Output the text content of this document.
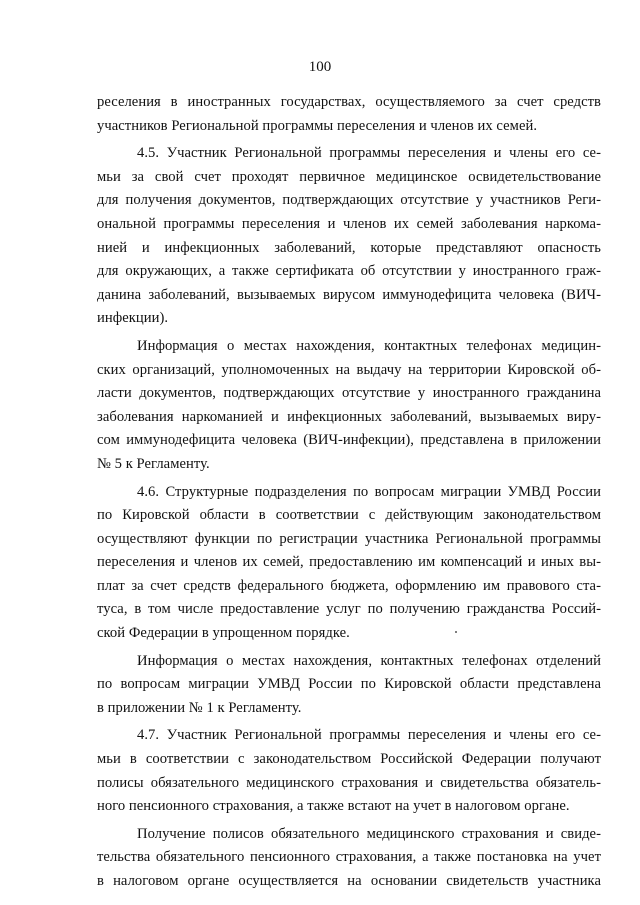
100
реселения в иностранных государствах, осуществляемого за счет средств
участников Региональной программы переселения и членов их семей.
4.5. Участник Региональной программы переселения и члены его се-
мьи за свой счет проходят первичное медицинское освидетельствование
для получения документов, подтверждающих отсутствие у участников Реги-
ональной программы переселения и членов их семей заболевания наркома-
нией и инфекционных заболеваний, которые представляют опасность
для окружающих, а также сертификата об отсутствии у иностранного граж-
данина заболеваний, вызываемых вирусом иммунодефицита человека (ВИЧ-
инфекции).
Информация о местах нахождения, контактных телефонах медицин-
ских организаций, уполномоченных на выдачу на территории Кировской об-
ласти документов, подтверждающих отсутствие у иностранного гражданина
заболевания наркоманией и инфекционных заболеваний, вызываемых виру-
сом иммунодефицита человека (ВИЧ-инфекции), представлена в приложении
№ 5 к Регламенту.
4.6. Структурные подразделения по вопросам миграции УМВД России
по Кировской области в соответствии с действующим законодательством
осуществляют функции по регистрации участника Региональной программы
переселения и членов их семей, предоставлению им компенсаций и иных вы-
плат за счет средств федерального бюджета, оформлению им правового ста-
туса, в том числе предоставление услуг по получению гражданства Россий-
ской Федерации в упрощенном порядке.
Информация о местах нахождения, контактных телефонах отделений
по вопросам миграции УМВД России по Кировской области представлена
в приложении № 1 к Регламенту.
4.7. Участник Региональной программы переселения и члены его се-
мьи в соответствии с законодательством Российской Федерации получают
полисы обязательного медицинского страхования и свидетельства обязатель-
ного пенсионного страхования, а также встают на учет в налоговом органе.
Получение полисов обязательного медицинского страхования и свиде-
тельства обязательного пенсионного страхования, а также постановка на учет
в налоговом органе осуществляется на основании свидетельств участника
